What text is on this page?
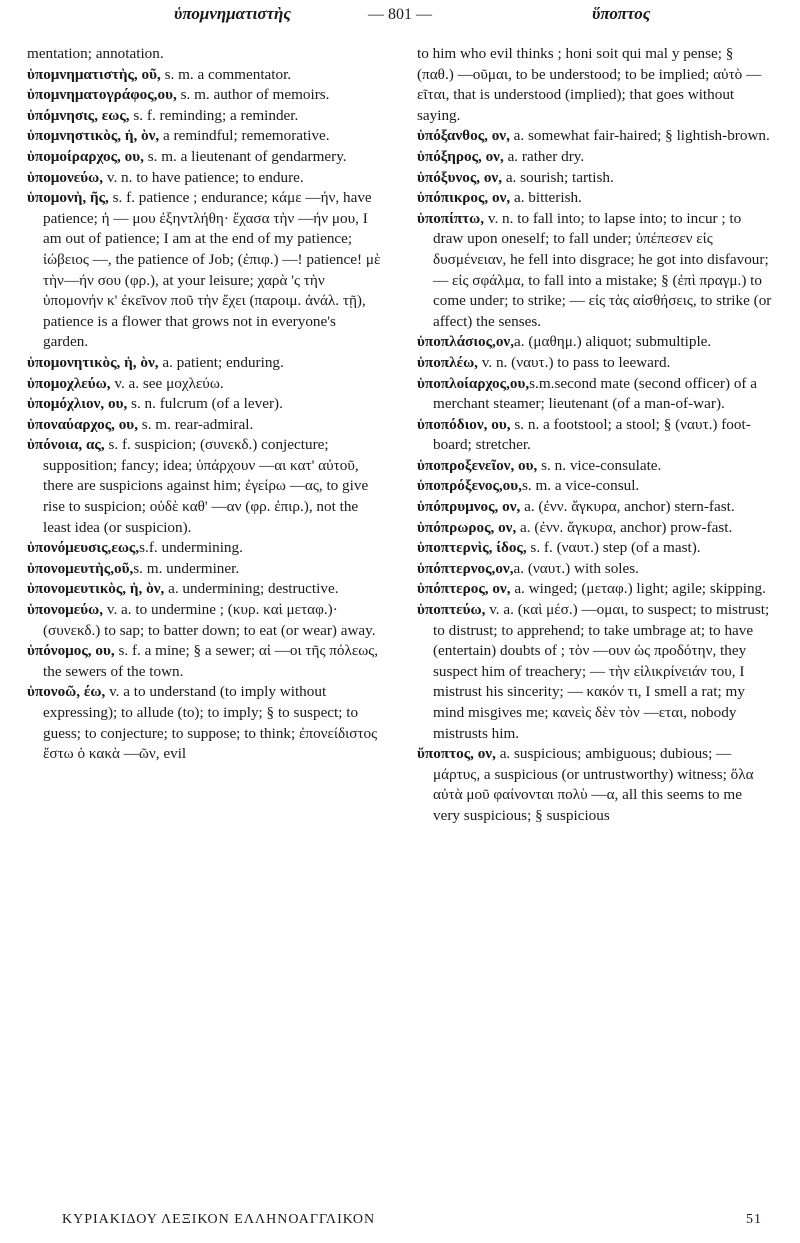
ὑπομνηματιστὴς	— 801 —	ὕποπτος

mentation; annotation.

ὑπομνηματιστὴς, οῦ, s. m. a commentator.

ὑπομνηματογράφος,ου, s. m. author of memoirs.

ὑπόμνησις, εως, s. f. reminding; a reminder.

ὑπομνηστικὸς, ἡ, ὸν, a remindful; rememorative.

ὑπομοίραρχος, ου, s. m. a lieutenant of gendarmery.

ὑπομονεύω, v. n. to have patience; to endure.

ὑπομονὴ, ῆς, s. f. patience ; endurance; κάμε —ήν, have patience; ἡ — μου ἐξηντλήθη· ἔχασα τὴν —ήν μου, I am out of patience; I am at the end of my patience; ἰώβειος —, the patience of Job; (ἐπιφ.) —! patience! μὲ τὴν—ήν σου (φρ.), at your leisure; χαρὰ 'ς τὴν ὑπομονήν κ' ἐκεῖνον ποῦ τὴν ἔχει (παροιμ. ἀνάλ. τῇ), patience is a flower that grows not in everyone's garden.

ὑπομονητικὸς, ἡ, ὸν, a. patient; enduring.

ὑπομοχλεύω, v. a. see μοχλεύω.

ὑπομόχλιον, ου, s. n. fulcrum (of a lever).

ὑποναύαρχος, ου, s. m. rear-admiral.

ὑπόνοια, ας, s. f. suspicion; (συνεκδ.) conjecture; supposition; fancy; idea; ὑπάρχουν —αι κατ' αὐτοῦ, there are suspicions against him; ἐγείρω —ας, to give rise to suspicion; οὐδὲ καθ' —αν (φρ. ἐπιρ.), not the least idea (or suspicion).

ὑπονόμευσις,εως,s.f. undermining.

ὑπονομευτὴς,οῦ,s. m. underminer.

ὑπονομευτικὸς, ἡ, ὸν, a. undermining; destructive.

ὑπονομεύω, v. a. to undermine ; (κυρ. καὶ μεταφ.)· (συνεκδ.) to sap; to batter down; to eat (or wear) away.

ὑπόνομος, ου, s. f. a mine; § a sewer; αἱ —οι τῆς πόλεως, the sewers of the town.

ὑπονοῶ, έω, v. a to understand (to imply without expressing); to allude (to); to imply; § to suspect; to guess; to conjecture; to suppose; to think; ἐπονείδιστος ἔστω ὁ κακὰ —ῶν, evil

to him who evil thinks ; honi soit qui mal y pense; § (παθ.) —οῦμαι, to be understood; to be implied; αὐτὸ —εῖται, that is understood (implied); that goes without saying.

ὑπόξανθος, ον, a. somewhat fair-haired; § lightish-brown.

ὑπόξηρος, ον, a. rather dry.

ὑπόξυνος, ον, a. sourish; tartish.

ὑπόπικρος, ον, a. bitterish.

ὑποπίπτω, v. n. to fall into; to lapse into; to incur ; to draw upon oneself; to fall under; ὑπέπεσεν εἰς δυσμένειαν, he fell into disgrace; he got into disfavour; — εἰς σφάλμα, to fall into a mistake; § (ἐπὶ πραγμ.) to come under; to strike; — εἰς τὰς αἰσθήσεις, to strike (or affect) the senses.

ὑποπλάσιος,ον,a. (μαθημ.) aliquot; submultiple.

ὑποπλέω, v. n. (ναυτ.) to pass to leeward.

ὑποπλοίαρχος,ου,s.m.second mate (second officer) of a merchant steamer; lieutenant (of a man-of-war).

ὑποπόδιον, ου, s. n. a footstool; a stool; § (ναυτ.) foot-board; stretcher.

ὑποπροξενεῖον, ου, s. n. vice-consulate.

ὑποπρόξενος,ου,s. m. a vice-consul.

ὑπόπρυμνος, ον, a. (ἐνν. ἄγκυρα, anchor) stern-fast.

ὑπόπρωρος, ον, a. (ἐνν. ἄγκυρα, anchor) prow-fast.

ὑποπτερνὶς, ίδος, s. f. (ναυτ.) step (of a mast).

ὑπόπτερνος,ον,a. (ναυτ.) with soles.

ὑπόπτερος, ον, a. winged; (μεταφ.) light; agile; skipping.

ὑποπτεύω, v. a. (καὶ μέσ.) —ομαι, to suspect; to mistrust; to distrust; to apprehend; to take umbrage at; to have (entertain) doubts of ; τὸν —ουν ὡς προδότην, they suspect him of treachery; — τὴν εἰλικρίνειάν του, I mistrust his sincerity; — κακόν τι, I smell a rat; my mind misgives me; κανεὶς δὲν τὸν —εται, nobody mistrusts him.

ὕποπτος, ον, a. suspicious; ambiguous; dubious; — μάρτυς, a suspicious (or untrustworthy) witness; ὅλα αὐτὰ μοῦ φαίνονται πολὺ —α, all this seems to me very suspicious; § suspicious

ΚΥΡΙΑΚΙΔΟΥ ΛΕΞΙΚΟΝ ΕΛΛΗΝΟΑΓΓΛΙΚΟΝ	51
